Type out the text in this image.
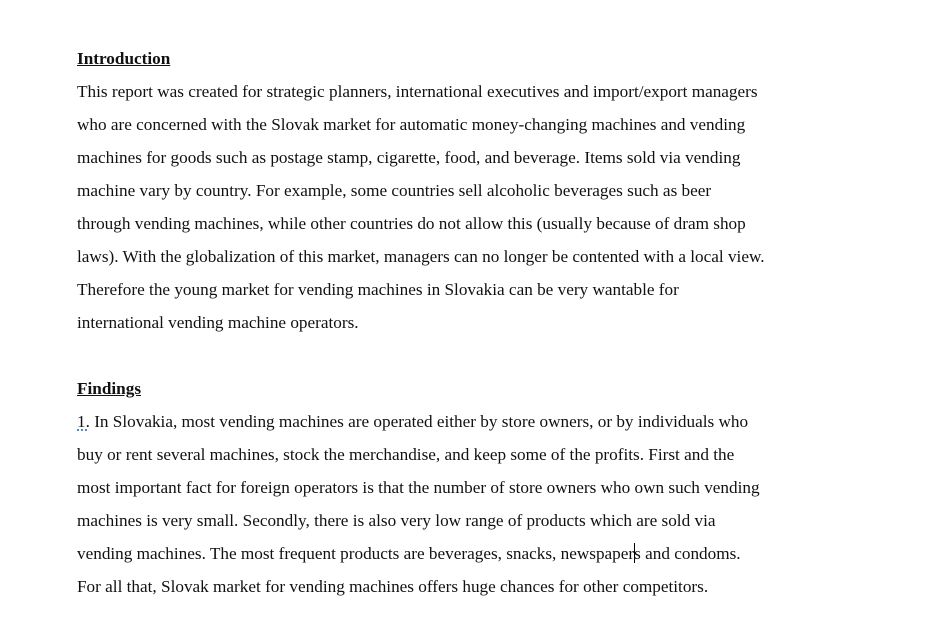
Introduction
This report was created for strategic planners, international executives and import/export managers
who are concerned with the Slovak market for automatic money-changing machines and vending
machines for goods such as postage stamp, cigarette, food, and beverage. Items sold via vending
machine vary by country. For example, some countries sell alcoholic beverages such as beer
through vending machines, while other countries do not allow this (usually because of dram shop
laws). With the globalization of this market, managers can no longer be contented with a local view.
Therefore the young market for vending machines in Slovakia can be very wantable for
international vending machine operators.
Findings
1. In Slovakia, most vending machines are operated either by store owners, or by individuals who
buy or rent several machines, stock the merchandise, and keep some of the profits. First and the
most important fact for foreign operators is that the number of store owners who own such vending
machines is very small. Secondly, there is also very low range of products which are sold via
vending machines. The most frequent products are beverages, snacks, newspapers and condoms.
For all that, Slovak market for vending machines offers huge chances for other competitors.
